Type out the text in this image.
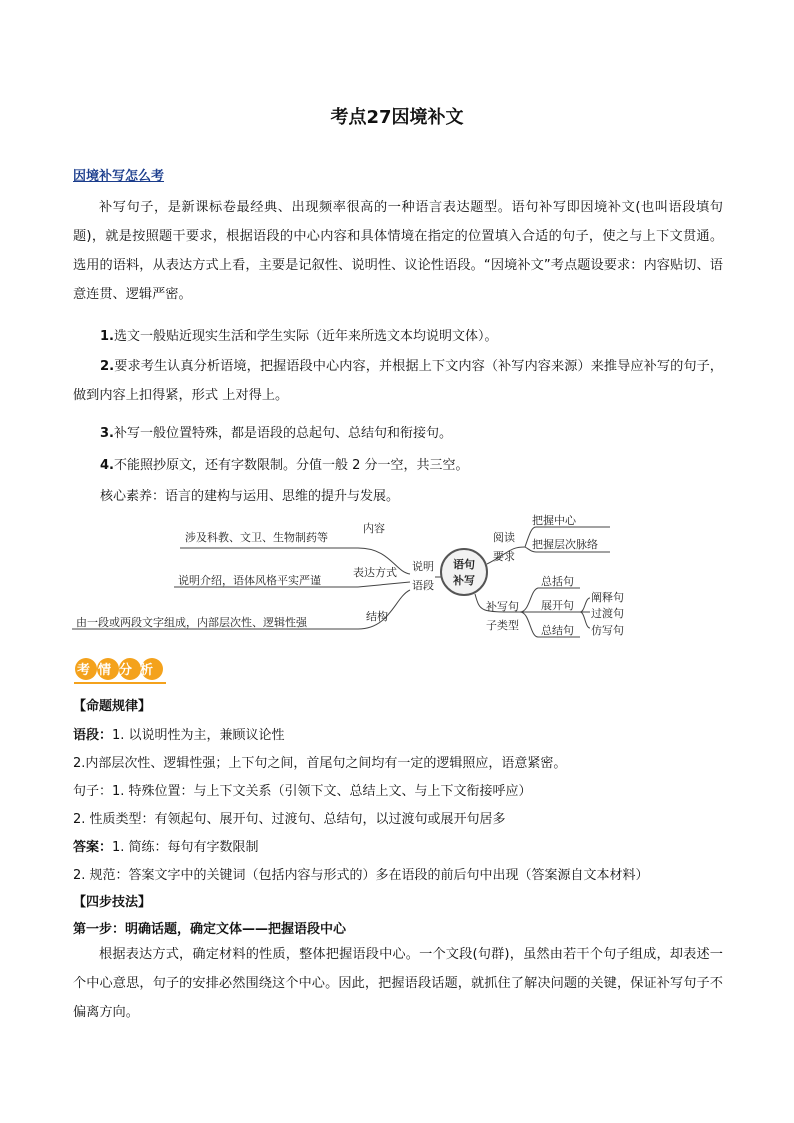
考点27因境补文
因境补写怎么考
补写句子，是新课标卷最经典、出现频率很高的一种语言表达题型。语句补写即因境补文(也叫语段填句题)，就是按照题干要求，根据语段的中心内容和具体情境在指定的位置填入合适的句子，使之与上下文贯通。选用的语料，从表达方式上看，主要是记叙性、说明性、议论性语段。“因境补文”考点题设要求：内容贴切、语意连贯、逻辑严密。
1.选文一般贴近现实生活和学生实际（近年来所选文本均说明文体）。
2.要求考生认真分析语境，把握语段中心内容，并根据上下文内容（补写内容来源）来推导应补写的句子，做到内容上扣得紧，形式 上对得上。
3.补写一般位置特殊，都是语段的总起句、总结句和衔接句。
4.不能照抄原文，还有字数限制。分值一般 2 分一空，共三空。
核心素养：语言的建构与运用、思维的提升与发展。
内容
涉及科教、文卫、生物制药等
表达方式
说明介绍，语体风格平实严谨
结构
由一段或两段文字组成，内部层次性、逻辑性强
说明
语段
语句
补写
阅读
要求
把握中心
把握层次脉络
补写句
子类型
总括句
展开句
总结句
阐释句
过渡句
仿写句
考情分析
【命题规律】
语段：1. 以说明性为主，兼顾议论性
2.内部层次性、逻辑性强；上下句之间，首尾句之间均有一定的逻辑照应，语意紧密。
句子：1. 特殊位置：与上下文关系（引领下文、总结上文、与上下文衔接呼应）
2. 性质类型：有领起句、展开句、过渡句、总结句，以过渡句或展开句居多
答案：1. 简练：每句有字数限制
2. 规范：答案文字中的关键词（包括内容与形式的）多在语段的前后句中出现（答案源自文本材料）
【四步技法】
第一步：明确话题，确定文体——把握语段中心
根据表达方式，确定材料的性质，整体把握语段中心。一个文段(句群)，虽然由若干个句子组成，却表述一个中心意思，句子的安排必然围绕这个中心。因此，把握语段话题，就抓住了解决问题的关键，保证补写句子不偏离方向。
